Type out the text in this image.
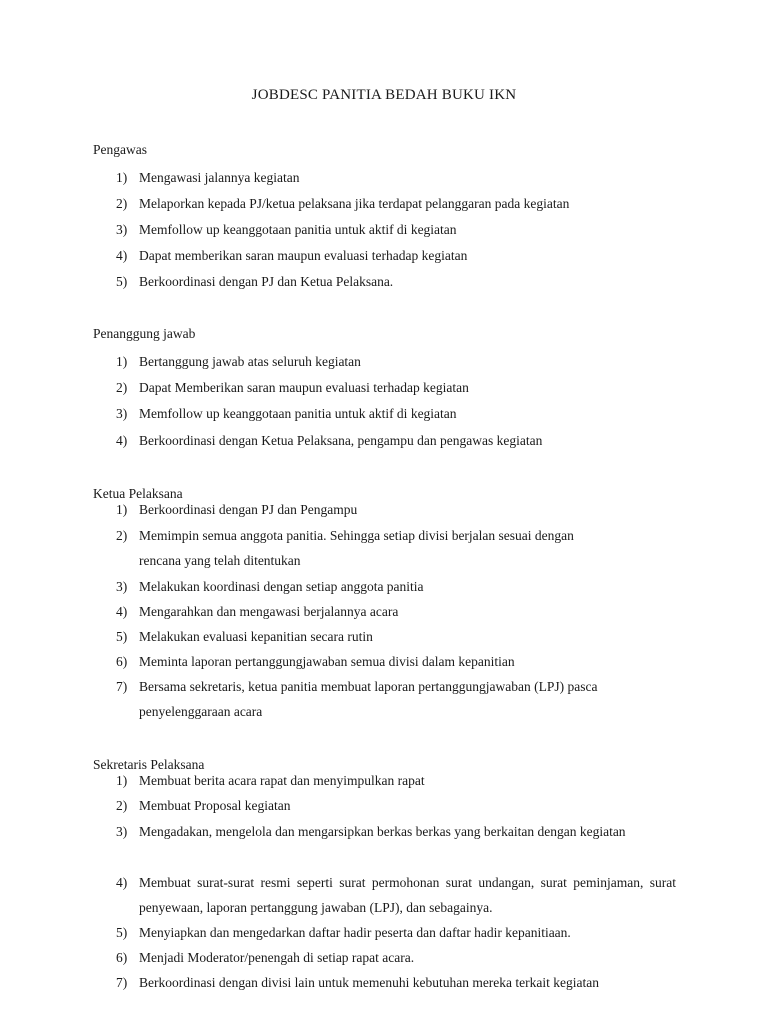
JOBDESC PANITIA BEDAH BUKU IKN
Pengawas
1) Mengawasi jalannya kegiatan
2) Melaporkan kepada PJ/ketua pelaksana jika terdapat pelanggaran pada kegiatan
3) Memfollow up keanggotaan panitia untuk aktif di kegiatan
4) Dapat memberikan saran maupun evaluasi terhadap kegiatan
5) Berkoordinasi dengan PJ dan Ketua Pelaksana.
Penanggung jawab
1) Bertanggung jawab atas seluruh kegiatan
2) Dapat Memberikan saran maupun evaluasi terhadap kegiatan
3) Memfollow up keanggotaan panitia untuk aktif di kegiatan
4) Berkoordinasi dengan Ketua Pelaksana, pengampu dan pengawas kegiatan
Ketua Pelaksana
1) Berkoordinasi dengan PJ dan Pengampu
2) Memimpin semua anggota panitia. Sehingga setiap divisi berjalan sesuai dengan rencana yang telah ditentukan
3) Melakukan koordinasi dengan setiap anggota panitia
4) Mengarahkan dan mengawasi berjalannya acara
5) Melakukan evaluasi kepanitian secara rutin
6) Meminta laporan pertanggungjawaban semua divisi dalam kepanitian
7) Bersama sekretaris, ketua panitia membuat laporan pertanggungjawaban (LPJ) pasca penyelenggaraan acara
Sekretaris Pelaksana
1) Membuat berita acara rapat dan menyimpulkan rapat
2) Membuat Proposal kegiatan
3) Mengadakan, mengelola dan mengarsipkan berkas berkas yang berkaitan dengan kegiatan
4) Membuat surat-surat resmi seperti surat permohonan surat undangan, surat peminjaman, surat penyewaan, laporan pertanggung jawaban (LPJ), dan sebagainya.
5) Menyiapkan dan mengedarkan daftar hadir peserta dan daftar hadir kepanitiaan.
6) Menjadi Moderator/penengah di setiap rapat acara.
7) Berkoordinasi dengan divisi lain untuk memenuhi kebutuhan mereka terkait kegiatan
